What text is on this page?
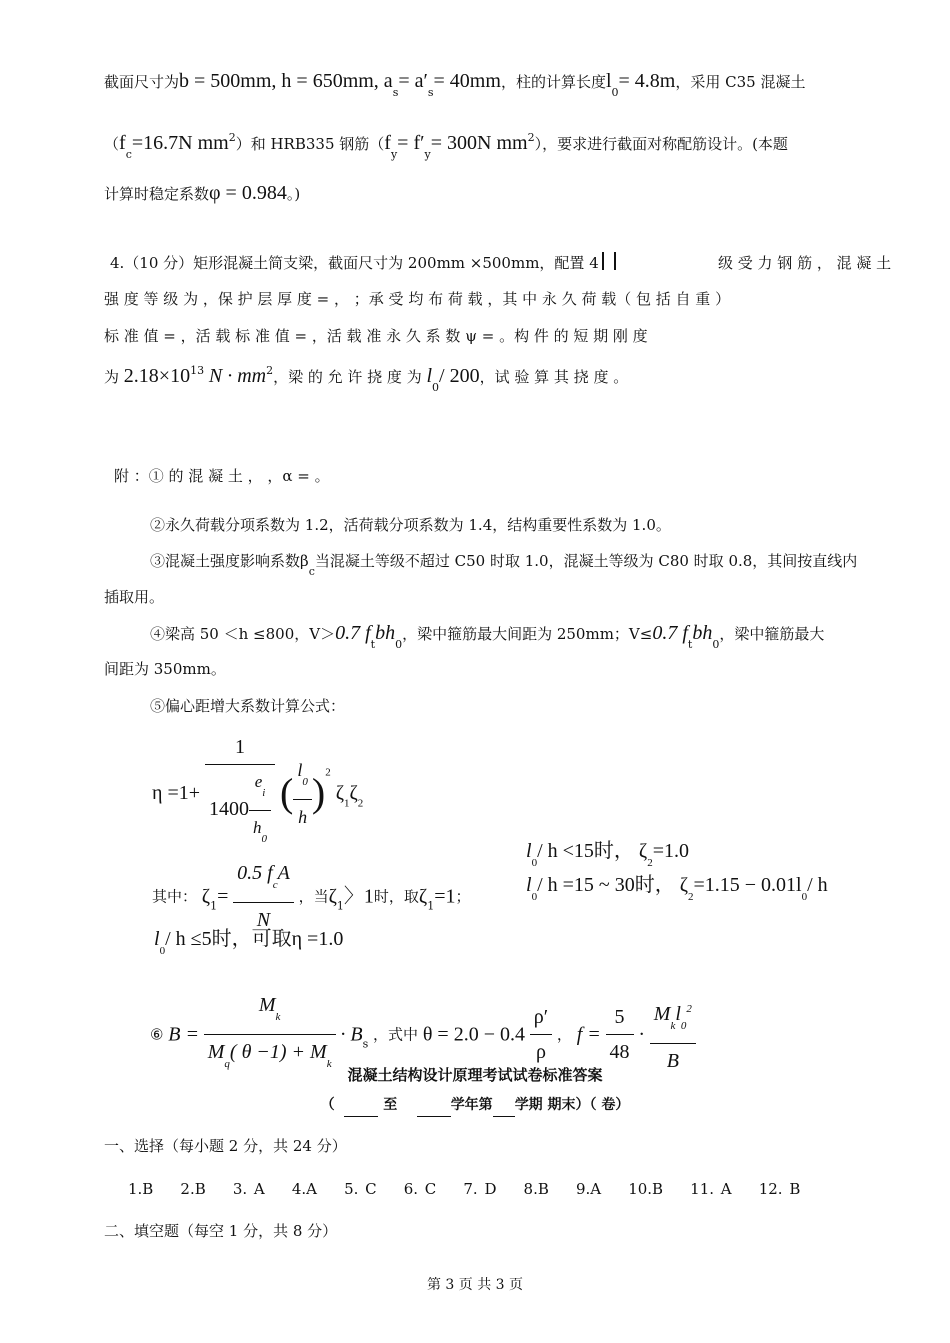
截面尺寸为b = 500mm, h = 650mm, $a_s= a'_s= 40mm$，柱的计算长度$l_0= 4.8m$，采用 C35 混凝土
（$f_c=16.7N$ $mm^2$）和 HRB335 钢筋（$f_y= f'_y= 300N$ $mm^2$），要求进行截面对称配筋设计。(本题
计算时稳定系数φ = 0.984。)
4.（10 分）矩形混凝土简支梁，截面尺寸为 200mm ×500mm，配置 4	级 受 力 钢 筋 ， 混 凝 土
强 度 等 级 为 ，保 护 层 厚 度 = ， ；承 受 均 布 荷 载 ，其 中 永 久 荷 载（ 包 括 自 重 ）
标 准 值 = ，活 载 标 准 值 = ，活 载 准 永 久 系 数 ψ = 。构 件 的 短 期 刚 度
为 $2.18\times 10^{13}$ $N \cdot mm^2$，梁 的 允 许 挠 度 为 $l_0/$ 200，试 验 算 其 挠 度 。
附 ：① 的 混 凝 土 ， ，α = 。
②永久荷载分项系数为 1.2，活荷载分项系数为 1.4，结构重要性系数为 1.0。
③混凝土强度影响系数$\beta_c$当混凝土等级不超过 C50 时取 1.0，混凝土等级为 C80 时取 0.8，其间按直线内
插取用。
④梁高 50 ＜h ≤800，V＞0.7 $f_tbh_0$，梁中箍筋最大间距为 250mm；V≤0.7 $f_tbh_0$，梁中箍筋最大
间距为 350mm。
⑤偏心距增大系数计算公式：
$\eta =1+ \frac{1}{1400 \frac{e_i}{h_0}}$ ( $\frac{l_0}{h} )^2$ $\zeta_1\zeta_2$
其中： $\zeta_1= \frac{0.5 f_cA}{N}$ ，当$\zeta_1$〉1时，取$\zeta_1=1$；
$l_0/$ h <15时， $\zeta_2=1.0$
$l_0/$ h =15 ~ 30时， $\zeta_2=1.15 - 0.01l_0/$ h
$l_0/$ h ≤5时，可取η =1.0
⑥ $B = \frac{M_k}{M_q( \theta -1) + M_k} \cdot B_s$ ，式中 $\theta = 2.0 - 0.4 \frac{\rho'}{\rho}$ ， $f = \frac{5}{48} \cdot \frac{M_kl_0^2}{B}$
混凝土结构设计原理考试试卷标准答案
（	至	学年第 学期 期末）（ 卷）
一、选择（每小题 2 分，共 24 分）
1.B 2.B 3. A 4.A 5. C 6. C 7. D 8.B 9.A 10.B 11. A 12. B
二、填空题（每空 1 分，共 8 分）
第 3 页 共 3 页
